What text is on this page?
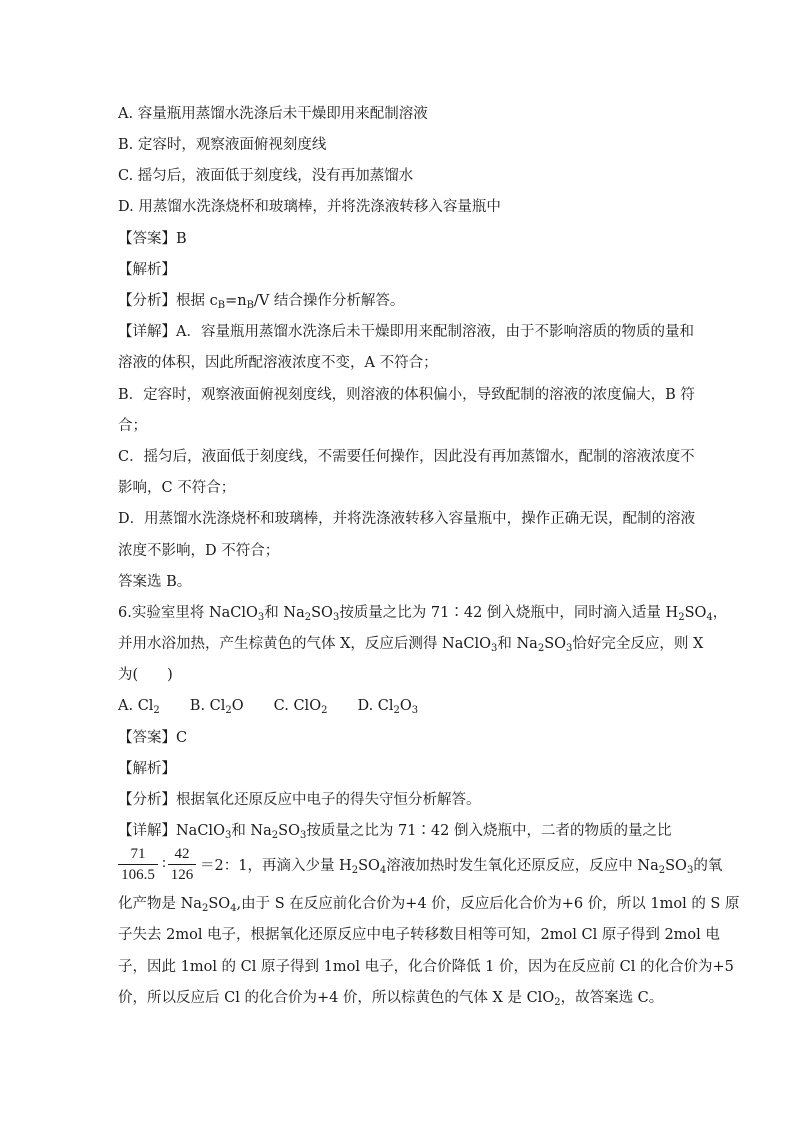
A. 容量瓶用蒸馏水洗涤后未干燥即用来配制溶液
B. 定容时，观察液面俯视刻度线
C. 摇匀后，液面低于刻度线，没有再加蒸馏水
D. 用蒸馏水洗涤烧杯和玻璃棒，并将洗涤液转移入容量瓶中
【答案】B
【解析】
【分析】根据 $c_B=n_B/V$ 结合操作分析解答。
【详解】A．容量瓶用蒸馏水洗涤后未干燥即用来配制溶液，由于不影响溶质的物质的量和
溶液的体积，因此所配溶液浓度不变，A 不符合；
B．定容时，观察液面俯视刻度线，则溶液的体积偏小，导致配制的溶液的浓度偏大，B 符
合；
C．摇匀后，液面低于刻度线，不需要任何操作，因此没有再加蒸馏水，配制的溶液浓度不
影响，C 不符合；
D．用蒸馏水洗涤烧杯和玻璃棒，并将洗涤液转移入容量瓶中，操作正确无误，配制的溶液
浓度不影响，D 不符合；
答案选 B。
6.实验室里将 NaClO$_3$和 $Na_2SO_3$按质量之比为 71∶42 倒入烧瓶中，同时滴入适量 $H_2SO_4$，
并用水浴加热，产生棕黄色的气体 X，反应后测得 NaClO$_3$和 $Na_2SO_3$恰好完全反应，则 X
为(　　)
A. $Cl_2$ B. $Cl_2O$ C. ClO$_2$ D. $Cl_2O_3$
【答案】C
【解析】
【分析】根据氧化还原反应中电子的得失守恒分析解答。
【详解】NaClO$_3$和 $Na_2SO_3$按质量之比为 71∶42 倒入烧瓶中，二者的物质的量之比
$\frac{71}{106.5}$ : $\frac{42}{126} =2$：1，再滴入少量 $H_2SO_4$溶液加热时发生氧化还原反应，反应中 $Na_2SO_3$的氧
化产物是 $Na_2SO_4$,由于 S 在反应前化合价为+4 价，反应后化合价为+6 价，所以 1mol 的 S 原
子失去 2mol 电子，根据氧化还原反应中电子转移数目相等可知，2mol Cl 原子得到 2mol 电
子，因此 1mol 的 Cl 原子得到 1mol 电子，化合价降低 1 价，因为在反应前 Cl 的化合价为+5
价，所以反应后 Cl 的化合价为+4 价，所以棕黄色的气体 X 是 ClO$_2$，故答案选 C。
